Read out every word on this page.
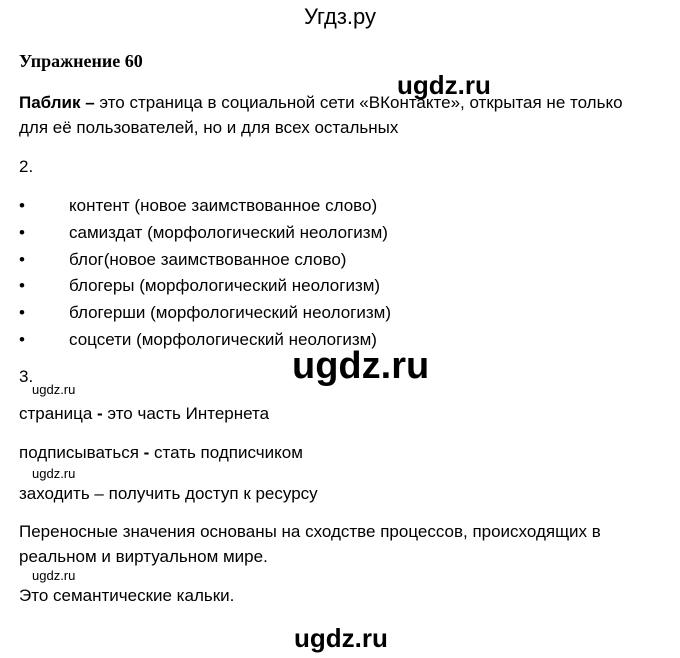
Угдз.ру
Упражнение 60
ugdz.ru
Паблик – это страница в социальной сети «ВКонтакте», открытая не только
для её пользователей, но и для всех остальных
2.
•	контент (новое заимствованное слово)
•	самиздат (морфологический неологизм)
•	блог(новое заимствованное слово)
•	блогеры (морфологический неологизм)
•	блогерши (морфологический неологизм)
•	соцсети (морфологический неологизм)
ugdz.ru
3.
ugdz.ru
страница - это часть Интернета
подписываться - стать подписчиком
ugdz.ru
заходить – получить доступ к ресурсу
Переносные значения основаны на сходстве процессов, происходящих в
реальном и виртуальном мире.
ugdz.ru
Это семантические кальки.
ugdz.ru
